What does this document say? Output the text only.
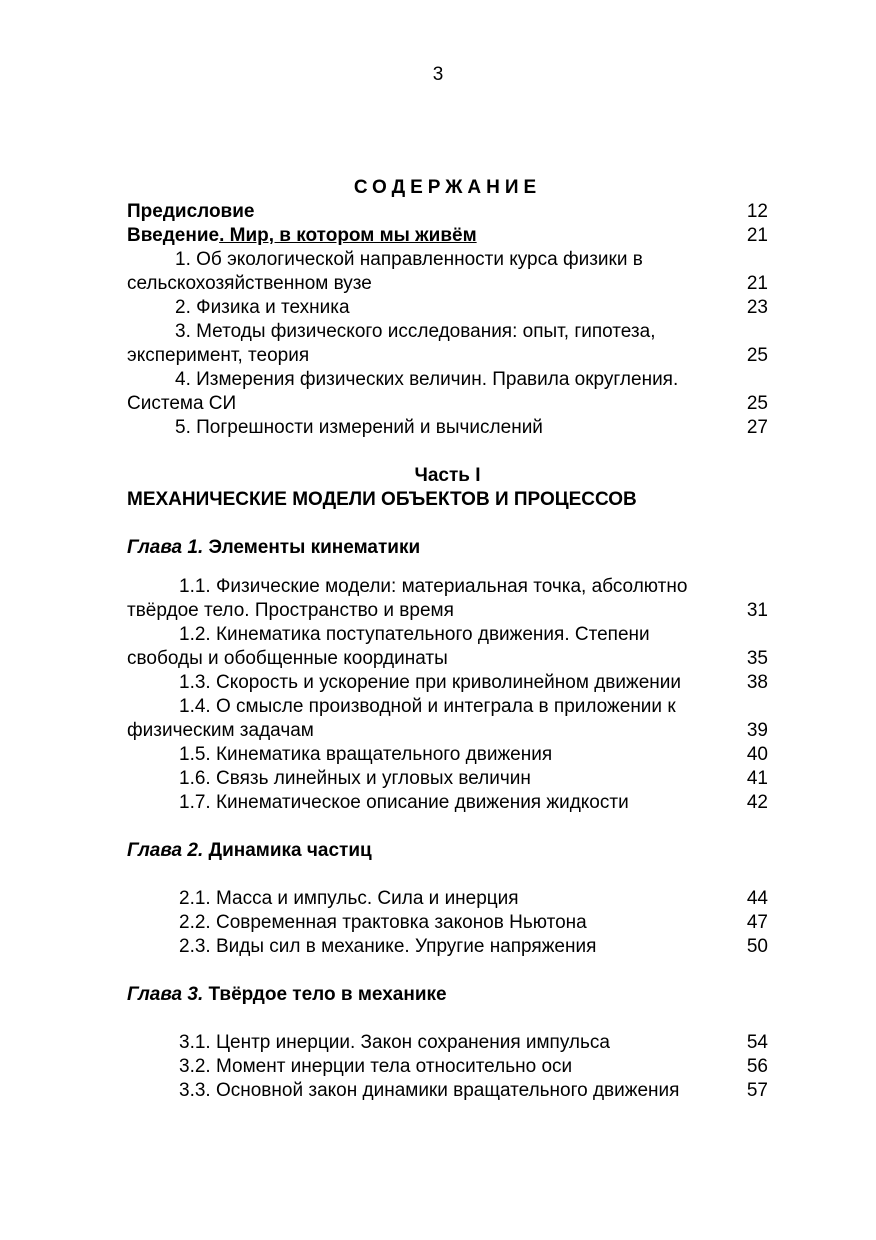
3
СОДЕРЖАНИЕ
Предисловие	12
Введение. Мир, в котором мы живём	21
1. Об экологической направленности курса физики в сельскохозяйственном вузе	21
2. Физика и техника	23
3. Методы физического исследования: опыт, гипотеза, эксперимент, теория	25
4. Измерения физических величин. Правила округления. Система СИ	25
5. Погрешности измерений и вычислений	27
Часть I
МЕХАНИЧЕСКИЕ МОДЕЛИ ОБЪЕКТОВ И ПРОЦЕССОВ
Глава 1. Элементы кинематики
1.1. Физические модели: материальная точка, абсолютно твёрдое тело. Пространство и время	31
1.2. Кинематика поступательного движения. Степени свободы и обобщенные координаты	35
1.3. Скорость и ускорение при криволинейном движении	38
1.4. О смысле производной и интеграла в приложении к физическим задачам	39
1.5. Кинематика вращательного движения	40
1.6. Связь линейных и угловых величин	41
1.7. Кинематическое описание движения жидкости	42
Глава 2. Динамика частиц
2.1. Масса и импульс. Сила и инерция	44
2.2. Современная трактовка законов Ньютона	47
2.3. Виды сил в механике. Упругие напряжения	50
Глава 3. Твёрдое тело в механике
3.1. Центр инерции. Закон сохранения импульса	54
3.2. Момент инерции тела относительно оси	56
3.3. Основной закон динамики вращательного движения	57
